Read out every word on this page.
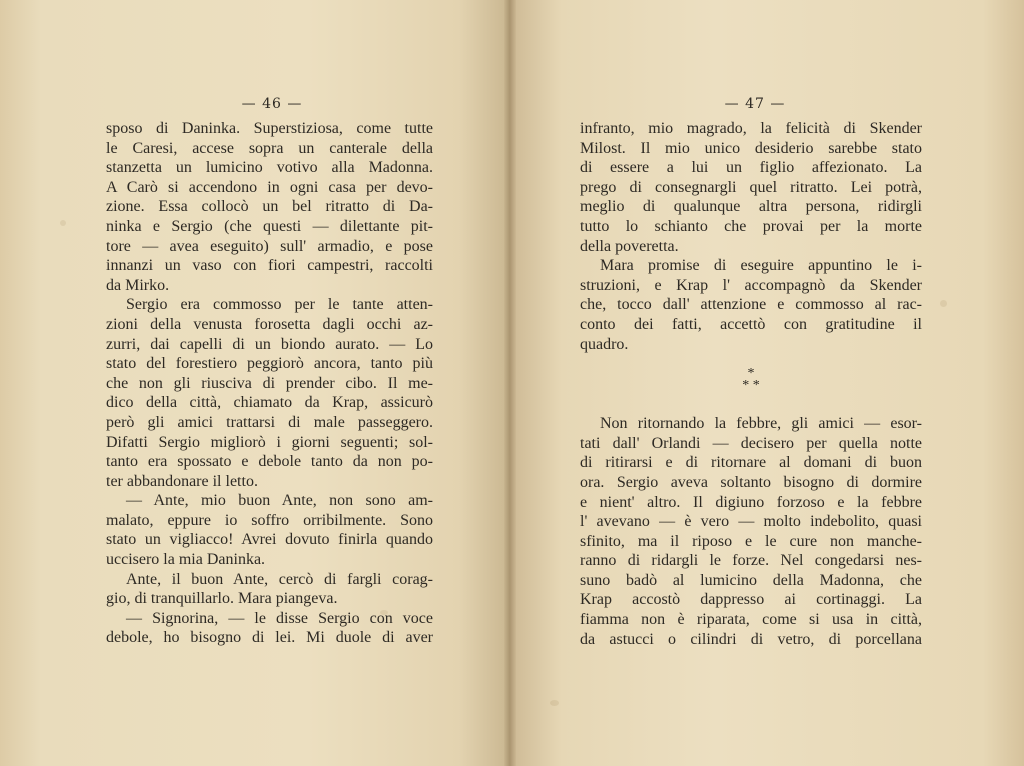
— 46 —
sposo di Daninka. Superstiziosa, come tutte
le Caresi, accese sopra un canterale della
stanzetta un lumicino votivo alla Madonna.
A Carò si accendono in ogni casa per devo-
zione. Essa collocò un bel ritratto di Da-
ninka e Sergio (che questi — dilettante pit-
tore — avea eseguito) sull' armadio, e pose
innanzi un vaso con fiori campestri, raccolti
da Mirko.
Sergio era commosso per le tante atten-
zioni della venusta forosetta dagli occhi az-
zurri, dai capelli di un biondo aurato. — Lo
stato del forestiero peggiorò ancora, tanto più
che non gli riusciva di prender cibo. Il me-
dico della città, chiamato da Krap, assicurò
però gli amici trattarsi di male passeggero.
Difatti Sergio migliorò i giorni seguenti; sol-
tanto era spossato e debole tanto da non po-
ter abbandonare il letto.
— Ante, mio buon Ante, non sono am-
malato, eppure io soffro orribilmente. Sono
stato un vigliacco! Avrei dovuto finirla quando
uccisero la mia Daninka.
Ante, il buon Ante, cercò di fargli corag-
gio, di tranquillarlo. Mara piangeva.
— Signorina, — le disse Sergio con voce
debole, ho bisogno di lei. Mi duole di aver
— 47 —
infranto, mio magrado, la felicità di Skender
Milost. Il mio unico desiderio sarebbe stato
di essere a lui un figlio affezionato. La
prego di consegnargli quel ritratto. Lei potrà,
meglio di qualunque altra persona, ridirgli
tutto lo schianto che provai per la morte
della poveretta.
Mara promise di eseguire appuntino le i-
struzioni, e Krap l' accompagnò da Skender
che, tocco dall' attenzione e commosso al rac-
conto dei fatti, accettò con gratitudine il
quadro.
*
* *
Non ritornando la febbre, gli amici — esor-
tati dall' Orlandi — decisero per quella notte
di ritirarsi e di ritornare al domani di buon
ora. Sergio aveva soltanto bisogno di dormire
e nient' altro. Il digiuno forzoso e la febbre
l' avevano — è vero — molto indebolito, quasi
sfinito, ma il riposo e le cure non manche-
ranno di ridargli le forze. Nel congedarsi nes-
suno badò al lumicino della Madonna, che
Krap accostò dappresso ai cortinaggi. La
fiamma non è riparata, come si usa in città,
da astucci o cilindri di vetro, di porcellana
